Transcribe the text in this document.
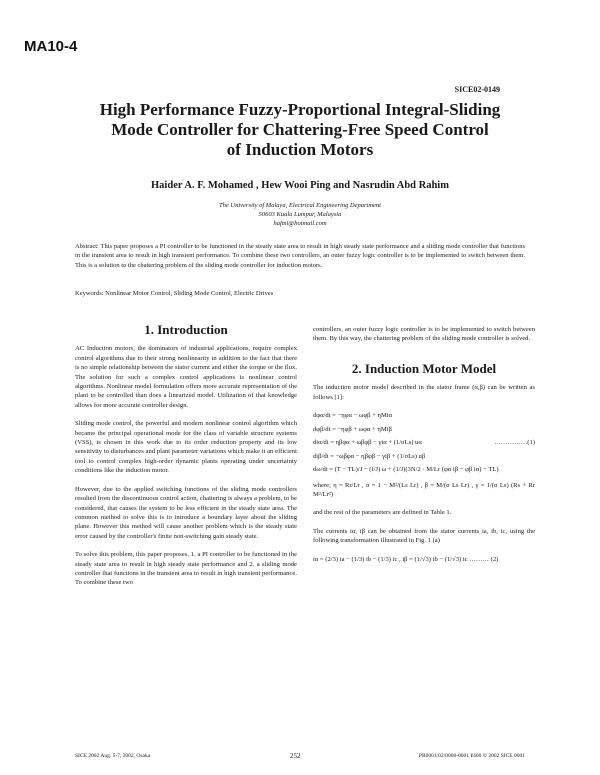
MA10-4
SICE02-0149
High Performance Fuzzy-Proportional Integral-Sliding
Mode Controller for Chattering-Free Speed Control
of Induction Motors
Haider A. F. Mohamed , Hew Wooi Ping and Nasrudin Abd Rahim
The University of Malaya, Electrical Engineering Department
50603 Kuala Lumpur, Malaysia
hafmi@hotmail.com
Abstract: This paper proposes a PI controller to be functioned in the steady state area to result in high steady state performance and a sliding mode controller that functions in the transient area to result in high transient performance. To combine these two controllers, an outer fuzzy logic controller is to be implemented to switch between them. This is a solution to the chattering problem of the sliding mode controller for induction motors.
Keywords: Nonlinear Motor Control, Sliding Mode Control, Electric Drives
1. Introduction

AC Induction motors, the dominators of industrial applications, require complex control algorithms due to their strong nonlinearity in addition to the fact that there is no simple relationship between the stator current and either the torque or the flux. The solution for such a complex control applications is nonlinear control algorithms. Nonlinear model formulation offers more accurate representation of the plant to be controlled than does a linearized model. Utilization of that knowledge allows for more accurate controller design.

Sliding mode control, the powerful and modern nonlinear control algorithm which became the principal operational mode for the class of variable structure systems (VSS), is chosen in this work due to its order reduction property and its low sensitivity to disturbances and plant parameter variations which make it an efficient tool to control complex high-order dynamic plants operating under uncertainty conditions like the induction motor.

However, due to the applied switching functions of the sliding mode controllers resulted from the discontinuous control action, chattering is always a problem, to be considered, that causes the system to be less efficient in the steady state area. The common method to solve this is to introduce a boundary layer about the sliding plane. However this method will cause another problem which is the steady state error caused by the controller's finite non-switching gain steady state.

To solve this problem, this paper proposes, 1. a PI controller to be functioned in the steady state area to result in high steady state performance and 2. a sliding mode controller that functions in the transient area to result in high transient performance. To combine these two

controllers, an outer fuzzy logic controller is to be implemented to switch between them. By this way, the chattering problem of the sliding mode controller is solved.

2. Induction Motor Model

The induction motor model described in the stator frame (α,β) can be written as follows [1]:

dφα/dt = −ηφα − ωφβ + ηMiα
dφβ/dt = −ηφβ + ωφα + ηMiβ
diα/dt = ηβφα + ωβφβ − γiα + (1/σLs) uα	……………(1)
diβ/dt = −ωβφα − ηβφβ − γiβ + (1/σLs) uβ
dω/dt = (T − TL)/J − (f/J) ω + (1/J)(3N/2 · M/Lr (φα iβ − φβ iα) − TL)

where; η = Rr/Lr , σ = 1 − M²/(Ls Lr) , β = M/(σ Ls Lr) , γ = 1/(σ Ls) (Rs + Rr M²/Lr²)

and the rest of the parameters are defined in Table 1.

The currents iα, iβ can be obtained from the stator currents ia, ib, ic, using the following transformation illustrated in Fig. 1 (a)

iα = (2/3) ia − (1/3) ib − (1/3) ic , iβ = (1/√3) ib − (1/√3) ic ……… (2)

SICE 2002 Aug. 5-7, 2002, Osaka	252	PR0001/02/0000-0001 ¥400 © 2002 SICE 0001
